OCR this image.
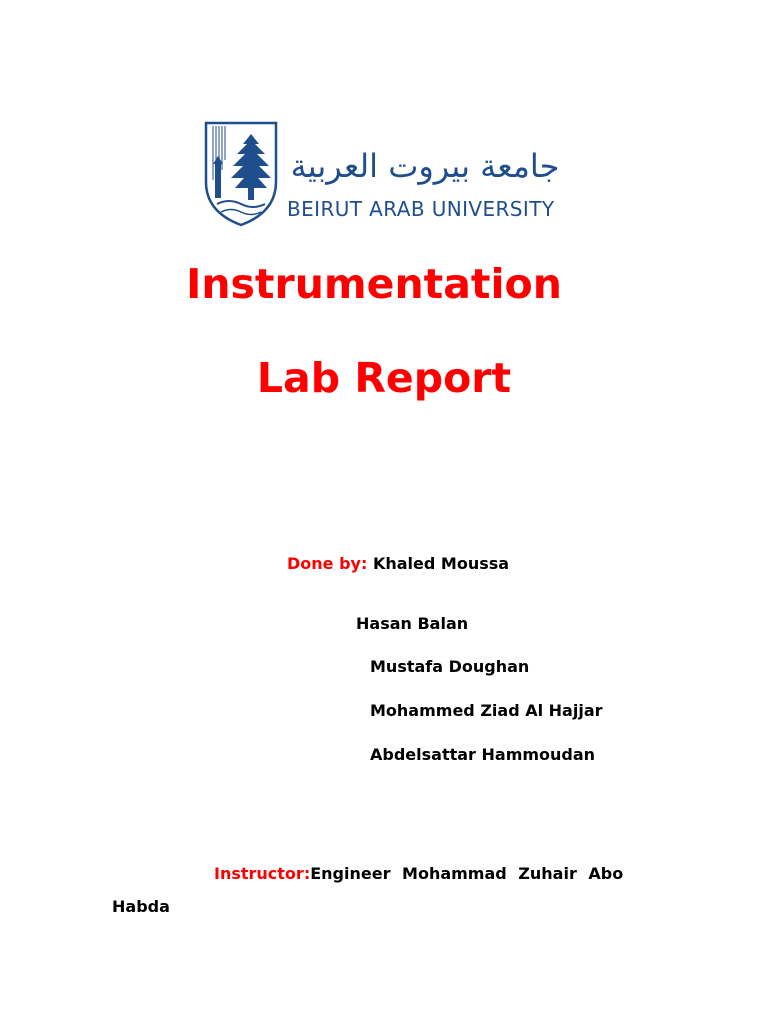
جامعة بيروت العربية
BEIRUT ARAB UNIVERSITY
Instrumentation
Lab Report
Done by: Khaled Moussa
Hasan Balan
Mustafa Doughan
Mohammed Ziad Al Hajjar
Abdelsattar Hammoudan
Instructor:Engineer Mohammad Zuhair Abo
Habda
